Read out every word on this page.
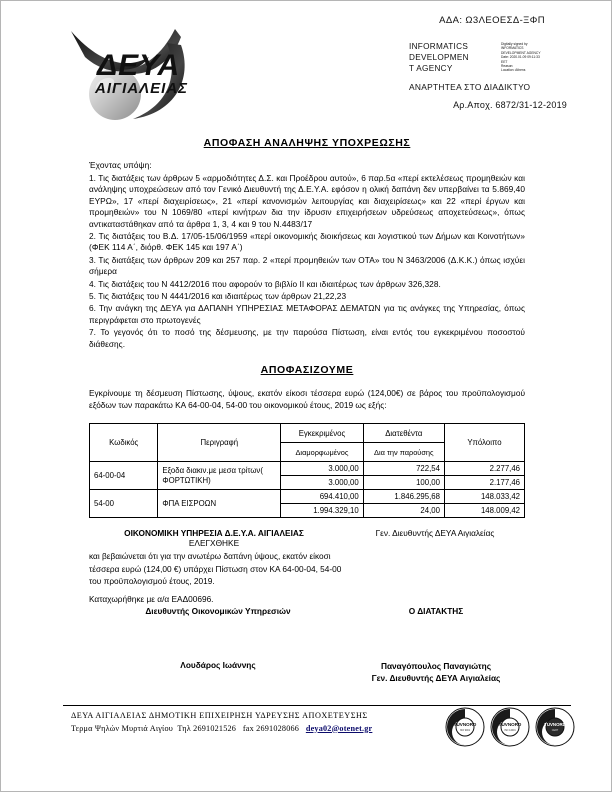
ΑΔΑ: Ω3ΛΕΟΕΣΔ-ΞΦΠ
ΔΕΥΑ
ΑΙΓΙΑΛΕΙΑΣ
INFORMATICS
DEVELOPMEN
T AGENCY
Digitally signed by
INFORMATICS
DEVELOPMENT AGENCY
Date: 2020.01.09 09:11:33
EET
Reason:
Location: Athens
ΑΝΑΡΤΗΤΕΑ ΣΤΟ ΔΙΑΔΙΚΤΥΟ
Αρ.Απoχ. 6872/31-12-2019
ΑΠΟΦΑΣΗ ΑΝΑΛΗΨΗΣ ΥΠΟΧΡΕΩΣΗΣ
Έχοντας υπόψη:
1. Τις διατάξεις των άρθρων 5 «αρμοδιότητες Δ.Σ. και Προέδρου αυτού», 6 παρ.5α «περί εκτελέσεως προμηθειών και ανάληψης υποχρεώσεων από τον Γενικό Διευθυντή της Δ.Ε.Υ.Α. εφόσον η ολική δαπάνη δεν υπερβαίνει τα 5.869,40 ΕΥΡΩ», 17 «περί διαχειρίσεως», 21 «περί κανονισμών λειτουργίας και διαχειρίσεως» και 22 «περί έργων και προμηθειών» του Ν 1069/80 «περί κινήτρων δια την ίδρυσιν επιχειρήσεων υδρεύσεως αποχετεύσεως», όπως αντικαταστάθηκαν από τα άρθρα 1, 3, 4 και 9 του Ν.4483/17
2. Τις διατάξεις του Β.Δ. 17/05-15/06/1959 «περί οικονομικής διοικήσεως και λογιστικού των Δήμων και Κοινοτήτων» (ΦΕΚ 114 Α΄, διόρθ. ΦΕΚ 145 και 197 Α΄)
3. Τις διατάξεις των άρθρων 209 και 257 παρ. 2 «περί προμηθειών των ΟΤΑ» του Ν 3463/2006 (Δ.Κ.Κ.) όπως ισχύει σήμερα
4. Τις διατάξεις του Ν 4412/2016 που αφορούν το βιβλίο ΙΙ και ιδιαιτέρως των άρθρων 326,328.
5. Τις διατάξεις του Ν 4441/2016 και ιδιαιτέρως των άρθρων 21,22,23
6. Την ανάγκη της ΔΕΥΑ για ΔΑΠΑΝΗ ΥΠΗΡΕΣΙΑΣ ΜΕΤΑΦΟΡΑΣ ΔΕΜΑΤΩΝ για τις ανάγκες της Υπηρεσίας, όπως περιγράφεται στο πρωτογενές
7. Το γεγονός ότι το ποσό της δέσμευσης, με την παρούσα Πίστωση, είναι εντός του εγκεκριμένου ποσοστού διάθεσης.
ΑΠΟΦΑΣΙΖΟΥΜΕ
Εγκρίνουμε τη δέσμευση Πίστωσης, ύψους, εκατόν είκοσι τέσσερα ευρώ (124,00€) σε βάρος του προϋπολογισμού εξόδων των παρακάτω ΚΑ 64-00-04, 54-00 του οικονομικού έτους, 2019 ως εξής:
Κωδικός	Περιγραφή	Εγκεκριμένος	Διατεθέντα	Υπόλοιπο
		Διαμορφωμένος	Δια την παρούσης	
64-00-04	Εξοδα διακιν.με μεσα τρίτων( ΦΟΡΤΩΤΙΚΗ)	3.000,00	722,54	2.277,46
		3.000,00	100,00	2.177,46
54-00	ΦΠΑ ΕΙΣΡΟΩΝ	694.410,00	1.846.295,68	148.033,42
		1.994.329,10	24,00	148.009,42
ΟΙΚΟΝΟΜΙΚΗ ΥΠΗΡΕΣΙΑ Δ.Ε.Υ.Α. ΑΙΓΙΑΛΕΙΑΣ
ΕΛΕΓΧΘΗΚΕ
Γεν. Διευθυντής ΔΕΥΑ Αιγιαλείας
και βεβαιώνεται ότι για την ανωτέρω δαπάνη ύψους, εκατόν είκοσι τέσσερα ευρώ (124,00 €) υπάρχει Πίστωση στον ΚΑ 64-00-04, 54-00 του προϋπολογισμού έτους, 2019.
Καταχωρήθηκε με α/α ΕΑΔ00696.
Διευθυντής Οικονομικών Υπηρεσιών	Ο ΔΙΑΤΑΚΤΗΣ
Λουδάρος Ιωάννης	Παναγόπουλος Παναγιώτης
Γεν. Διευθυντής ΔΕΥΑ Αιγιαλείας
ΔΕΥΑ ΑΙΓΙΑΛΕΙΑΣ ΔΗΜΟΤΙΚΗ ΕΠΙΧΕΙΡΗΣΗ ΥΔΡΕΥΣΗΣ ΑΠΟΧΕΤΕΥΣΗΣ
Τερμα Ψηλών Μυρτιά Αιγίου Τηλ 2691021526 fax 2691028066 deya02@otenet.gr	TUVNORD
ISO 9001
TUVNORD
ISO 14001
TUVNORD
CERT
